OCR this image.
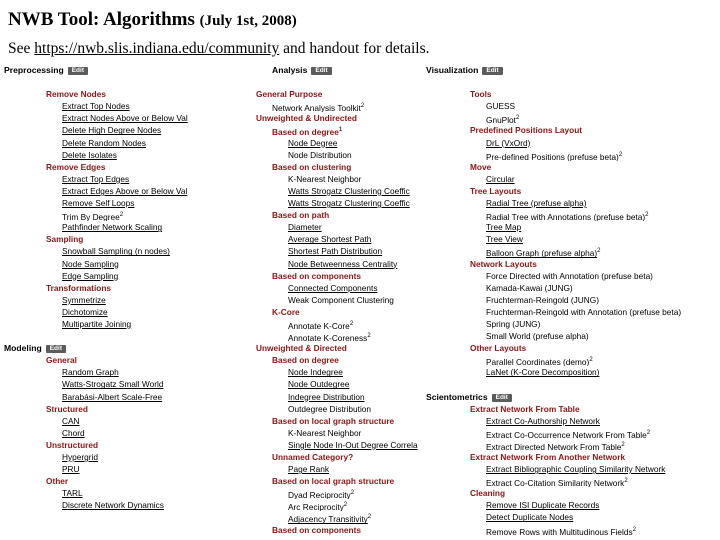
NWB Tool: Algorithms (July 1st, 2008)
See https://nwb.slis.indiana.edu/community and handout for details.
Preprocessing Edit
Remove Nodes
Extract Top Nodes
Extract Nodes Above or Below Val
Delete High Degree Nodes
Delete Random Nodes
Delete Isolates
Remove Edges
Extract Top Edges
Extract Edges Above or Below Val
Remove Self Loops
Trim By Degree$^2$
Pathfinder Network Scaling
Sampling
Snowball Sampling (n nodes)
Node Sampling
Edge Sampling
Transformations
Symmetrize
Dichotomize
Multipartite Joining
Modeling Edit
General
Random Graph
Watts-Strogatz Small World
Barabási-Albert Scale-Free
Structured
CAN
Chord
Unstructured
Hypergrid
PRU
Other
TARL
Discrete Network Dynamics
Analysis Edit
General Purpose
Network Analysis Toolkit$^2$
Unweighted & Undirected
Based on degree$^1$
Node Degree
Node Distribution
Based on clustering
K-Nearest Neighbor
Watts Strogatz Clustering Coeffic
Watts Strogatz Clustering Coeffic
Based on path
Diameter
Average Shortest Path
Shortest Path Distribution
Node Betweenness Centrality
Based on components
Connected Components
Weak Component Clustering
K-Core
Annotate K-Core$^2$
Annotate K-Coreness$^2$
Unweighted & Directed
Based on degree
Node Indegree
Node Outdegree
Indegree Distribution
Outdegree Distribution
Based on local graph structure
K-Nearest Neighbor
Single Node In-Out Degree Correla
Unnamed Category?
Page Rank
Based on local graph structure
Dyad Reciprocity$^2$
Arc Reciprocity$^2$
Adjacency Transitivity$^2$
Based on components
Visualization Edit
Tools
GUESS
GnuPlot$^2$
Predefined Positions Layout
DrL (VxOrd)
Pre-defined Positions (prefuse beta)$^2$
Move
Circular
Tree Layouts
Radial Tree (prefuse alpha)
Radial Tree with Annotations (prefuse beta)$^2$
Tree Map
Tree View
Balloon Graph (prefuse alpha)$^2$
Network Layouts
Force Directed with Annotation (prefuse beta)
Kamada-Kawai (JUNG)
Fruchterman-Reingold (JUNG)
Fruchterman-Reingold with Annotation (prefuse beta)
Spring (JUNG)
Small World (prefuse alpha)
Other Layouts
Parallel Coordinates (demo)$^2$
LaNet (K-Core Decomposition)
Scientometrics Edit
Extract Network From Table
Extract Co-Authorship Network
Extract Co-Occurrence Network From Table$^2$
Extract Directed Network From Table$^2$
Extract Network From Another Network
Extract Bibliographic Coupling Similarity Network
Extract Co-Citation Similarity Network$^2$
Cleaning
Remove ISI Duplicate Records
Detect Duplicate Nodes
Remove Rows with Multitudinous Fields$^2$
